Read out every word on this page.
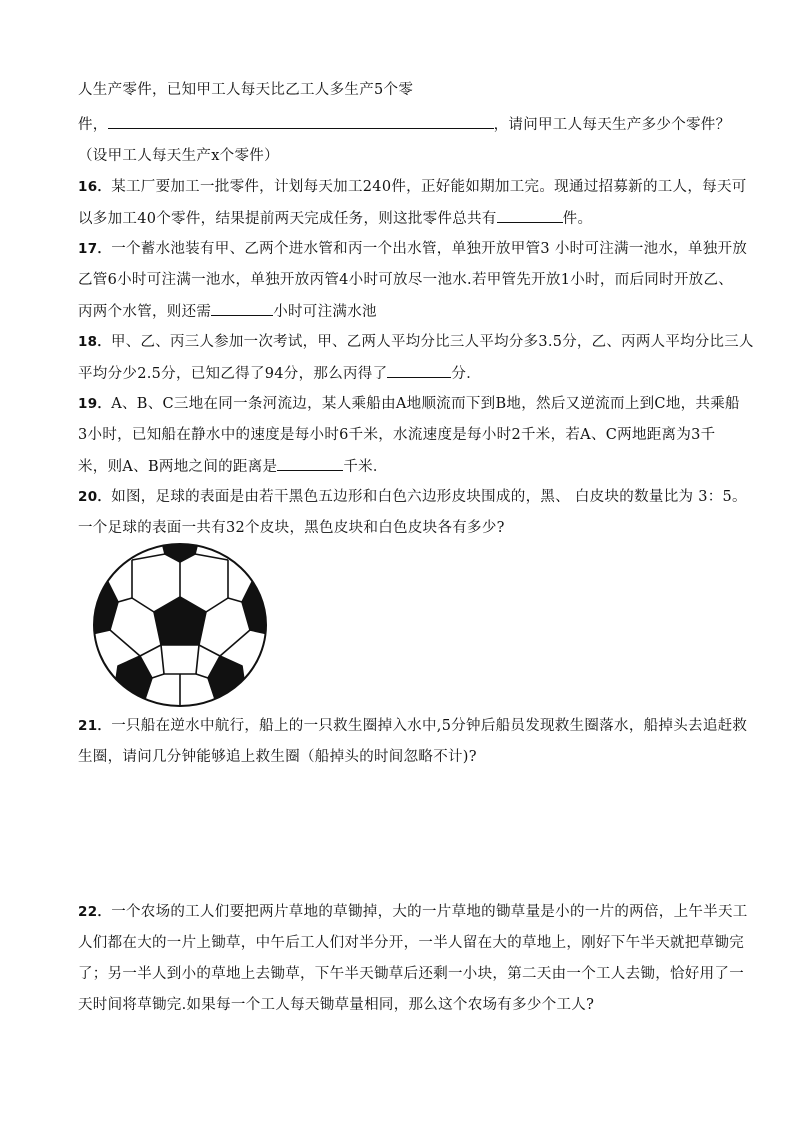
人生产零件，已知甲工人每天比乙工人多生产5个零
件，	，请问甲工人每天生产多少个零件？
（设甲工人每天生产x个零件）
16．某工厂要加工一批零件，计划每天加工240件，正好能如期加工完。现通过招募新的工人，每天可
以多加工40个零件，结果提前两天完成任务，则这批零件总共有	件。
17．一个蓄水池装有甲、乙两个进水管和丙一个出水管，单独开放甲管3 小时可注满一池水，单独开放
乙管6小时可注满一池水，单独开放丙管4小时可放尽一池水.若甲管先开放1小时，而后同时开放乙、
丙两个水管，则还需	小时可注满水池
18．甲、乙、丙三人参加一次考试，甲、乙两人平均分比三人平均分多3.5分，乙、丙两人平均分比三人
平均分少2.5分，已知乙得了94分，那么丙得了	分．
19．A、B、C三地在同一条河流边，某人乘船由A地顺流而下到B地，然后又逆流而上到C地，共乘船
3小时，已知船在静水中的速度是每小时6千米，水流速度是每小时2千米，若A、C两地距离为3千
米，则A、B两地之间的距离是	千米．
20．如图，足球的表面是由若干黑色五边形和白色六边形皮块围成的，黑、 白皮块的数量比为 3：5。
一个足球的表面一共有32个皮块，黑色皮块和白色皮块各有多少?
21．一只船在逆水中航行，船上的一只救生圈掉入水中,5分钟后船员发现救生圈落水，船掉头去追赶救
生圈，请问几分钟能够追上救生圈（船掉头的时间忽略不计)?
22．一个农场的工人们要把两片草地的草锄掉，大的一片草地的锄草量是小的一片的两倍，上午半天工
人们都在大的一片上锄草，中午后工人们对半分开，一半人留在大的草地上，刚好下午半天就把草锄完
了；另一半人到小的草地上去锄草，下午半天锄草后还剩一小块，第二天由一个工人去锄，恰好用了一
天时间将草锄完.如果每一个工人每天锄草量相同，那么这个农场有多少个工人?
